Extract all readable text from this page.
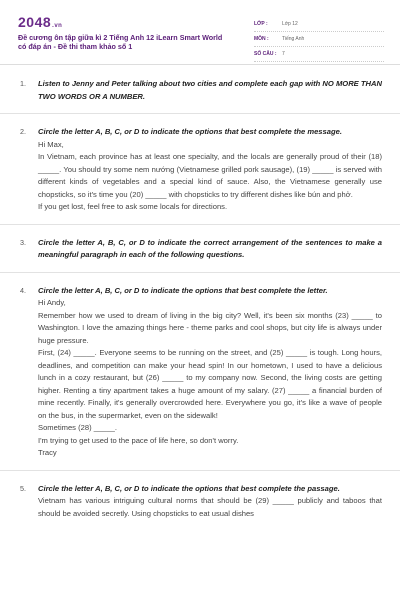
2048.vn
Đề cương ôn tập giữa kì 2 Tiếng Anh 12 iLearn Smart World có đáp án - Đề thi tham khảo số 1
LỚP :	Lớp 12
MÔN :	Tiếng Anh
SỐ CÂU :	7
1. Listen to Jenny and Peter talking about two cities and complete each gap with NO MORE THAN TWO WORDS OR A NUMBER.
2. Circle the letter A, B, C, or D to indicate the options that best complete the message.

Hi Max,

In Vietnam, each province has at least one specialty, and the locals are generally proud of their (18) _____. You should try some nem nướng (Vietnamese grilled pork sausage), (19) _____ is served with different kinds of vegetables and a special kind of sauce. Also, the Vietnamese generally use chopsticks, so it's time you (20) _____ with chopsticks to try different dishes like bún and phở.

If you get lost, feel free to ask some locals for directions.

3. Circle the letter A, B, C, or D to indicate the correct arrangement of the sentences to make a meaningful paragraph in each of the following questions.
4. Circle the letter A, B, C, or D to indicate the options that best complete the letter.

Hi Andy,

Remember how we used to dream of living in the big city? Well, it's been six months (23) _____ to Washington. I love the amazing things here - theme parks and cool shops, but city life is always under huge pressure.

First, (24) _____. Everyone seems to be running on the street, and (25) _____ is tough. Long hours, deadlines, and competition can make your head spin! In our hometown, I used to have a delicious lunch in a cozy restaurant, but (26) _____ to my company now. Second, the living costs are getting higher. Renting a tiny apartment takes a huge amount of my salary. (27) _____ a financial burden of mine recently. Finally, it's generally overcrowded here. Everywhere you go, it's like a wave of people on the bus, in the supermarket, even on the sidewalk!

Sometimes (28) _____.

I'm trying to get used to the pace of life here, so don't worry.

Tracy

5. Circle the letter A, B, C, or D to indicate the options that best complete the passage.

Vietnam has various intriguing cultural norms that should be (29) _____ publicly and taboos that should be avoided secretly. Using chopsticks to eat usual dishes
